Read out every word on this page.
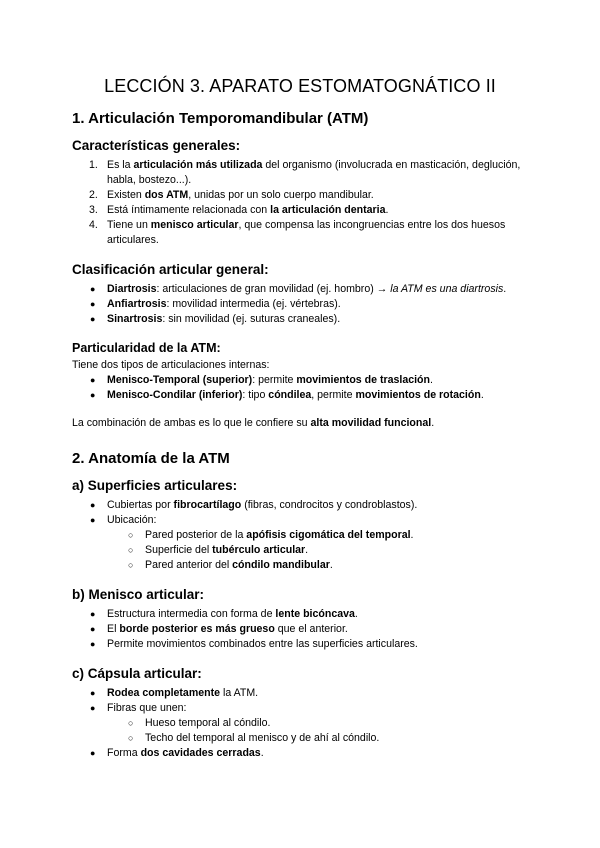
LECCIÓN 3. APARATO ESTOMATOGNÁTICO II
1. Articulación Temporomandibular (ATM)
Características generales:
1. Es la articulación más utilizada del organismo (involucrada en masticación, deglución, habla, bostezo...).
2. Existen dos ATM, unidas por un solo cuerpo mandibular.
3. Está íntimamente relacionada con la articulación dentaria.
4. Tiene un menisco articular, que compensa las incongruencias entre los dos huesos articulares.
Clasificación articular general:
● Diartrosis: articulaciones de gran movilidad (ej. hombro) → la ATM es una diartrosis.
● Anfiartrosis: movilidad intermedia (ej. vértebras).
● Sinartrosis: sin movilidad (ej. suturas craneales).
Particularidad de la ATM:

Tiene dos tipos de articulaciones internas:

● Menisco-Temporal (superior): permite movimientos de traslación.
● Menisco-Condilar (inferior): tipo cóndilea, permite movimientos de rotación.

La combinación de ambas es lo que le confiere su alta movilidad funcional.

2. Anatomía de la ATM
a) Superficies articulares:
● Cubiertas por fibrocartílago (fibras, condrocitos y condroblastos).
● Ubicación:
○ Pared posterior de la apófisis cigomática del temporal.
○ Superficie del tubérculo articular.
○ Pared anterior del cóndilo mandibular.
b) Menisco articular:
● Estructura intermedia con forma de lente bicóncava.
● El borde posterior es más grueso que el anterior.
● Permite movimientos combinados entre las superficies articulares.
c) Cápsula articular:
● Rodea completamente la ATM.
● Fibras que unen:
○ Hueso temporal al cóndilo.
○ Techo del temporal al menisco y de ahí al cóndilo.
● Forma dos cavidades cerradas.
